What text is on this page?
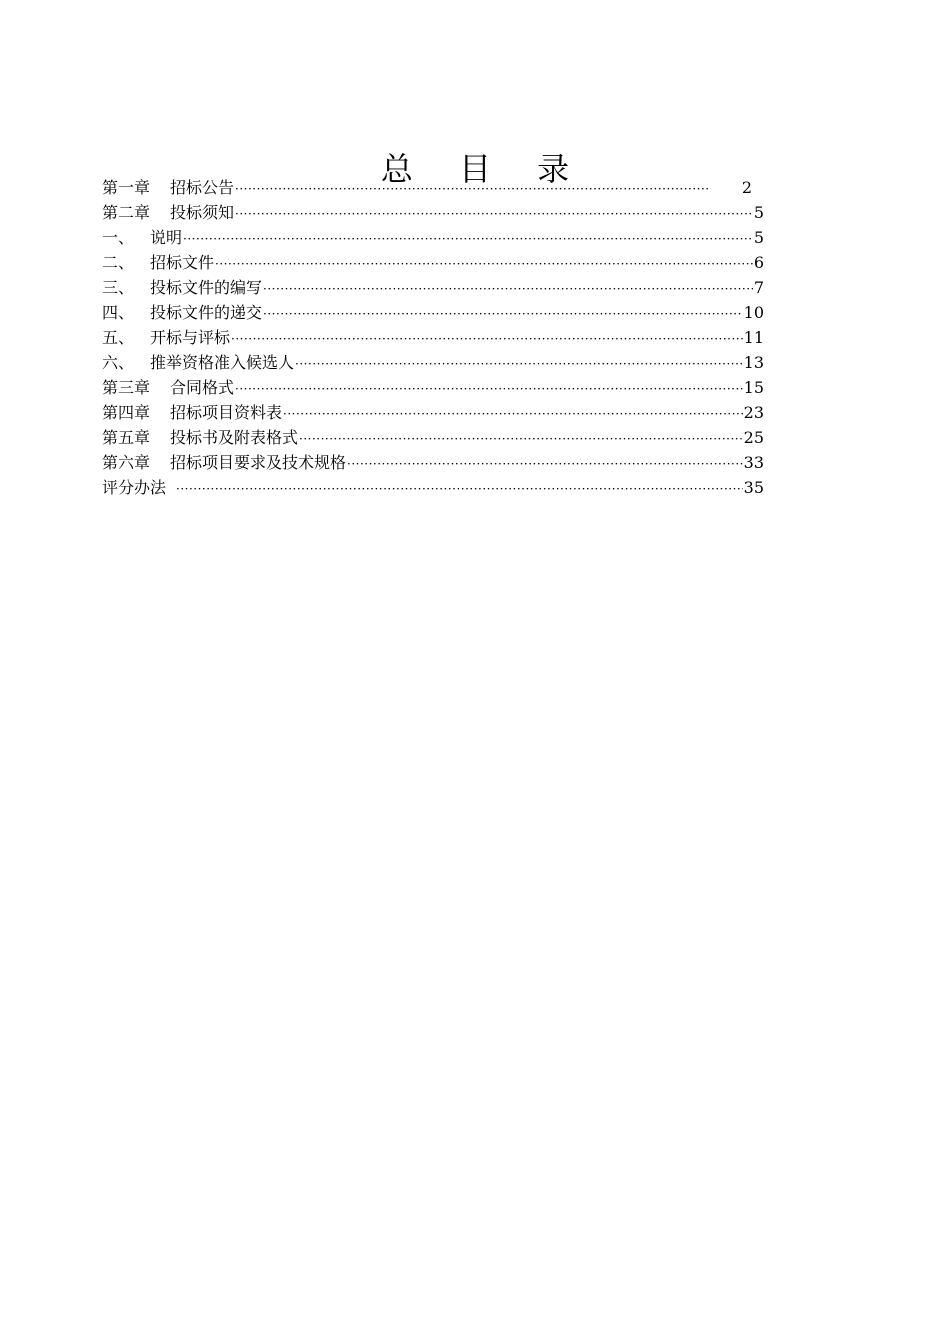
总 目 录
第一章	招标公告 ·····	2
第二章	投标须知 ·····	5
一、 说明 ·····	5
二、 招标文件 ·····	6
三、 投标文件的编写 ·····	7
四、 投标文件的递交 ·····	10
五、 开标与评标 ·····	11
六、 推举资格准入候选人 ·····	13
第三章	合同格式 ·····	15
第四章	招标项目资料表 ·····	23
第五章	投标书及附表格式 ·····	25
第六章	招标项目要求及技术规格 ·····	33
评分办法 ·····	35
